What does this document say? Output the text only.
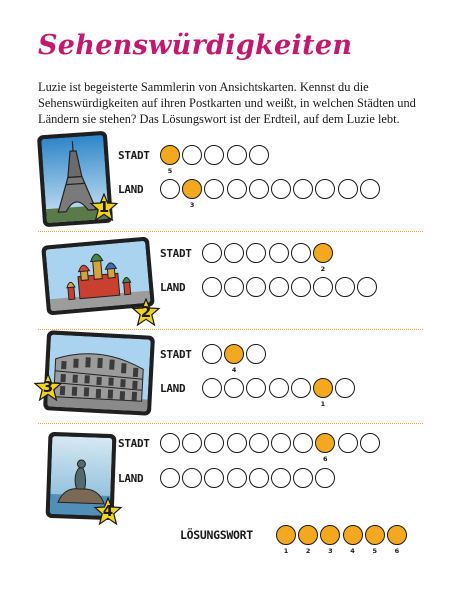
Sehenswürdigkeiten

Luzie ist begeisterte Sammlerin von Ansichtskarten. Kennst du die Sehenswürdigkeiten auf ihren Postkarten und weißt, in welchen Städten und Ländern sie stehen? Das Lösungswort ist der Erdteil, auf dem Luzie lebt.

1
STADT
5
LAND
3
2
STADT
2
LAND
3
STADT
4
LAND
1
4
STADT
6
LAND
LÖSUNGSWORT
1	2	3	4	5	6
